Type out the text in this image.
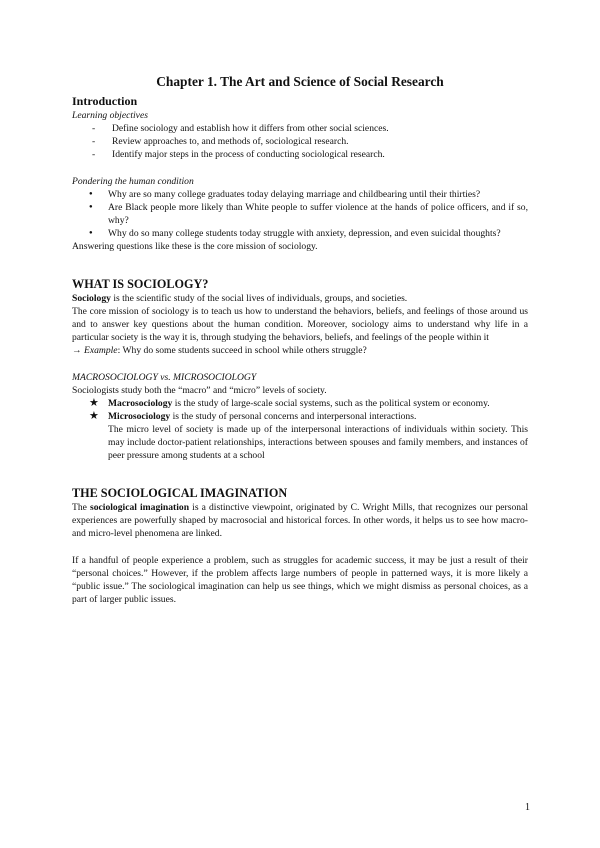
Chapter 1. The Art and Science of Social Research
Introduction
Learning objectives
- Define sociology and establish how it differs from other social sciences.
- Review approaches to, and methods of, sociological research.
- Identify major steps in the process of conducting sociological research.
Pondering the human condition
● Why are so many college graduates today delaying marriage and childbearing until their thirties?
● Are Black people more likely than White people to suffer violence at the hands of police officers, and if so, why?
● Why do so many college students today struggle with anxiety, depression, and even suicidal thoughts?

Answering questions like these is the core mission of sociology.

WHAT IS SOCIOLOGY?

Sociology is the scientific study of the social lives of individuals, groups, and societies.

The core mission of sociology is to teach us how to understand the behaviors, beliefs, and feelings of those around us and to answer key questions about the human condition. Moreover, sociology aims to understand why life in a particular society is the way it is, through studying the behaviors, beliefs, and feelings of the people within it

→ Example: Why do some students succeed in school while others struggle?

MACROSOCIOLOGY vs. MICROSOCIOLOGY

Sociologists study both the “macro” and “micro” levels of society.

★ Macrosociology is the study of large-scale social systems, such as the political system or economy.
★ Microsociology is the study of personal concerns and interpersonal interactions.
The micro level of society is made up of the interpersonal interactions of individuals within society. This may include doctor-patient relationships, interactions between spouses and family members, and instances of peer pressure among students at a school
THE SOCIOLOGICAL IMAGINATION

The sociological imagination is a distinctive viewpoint, originated by C. Wright Mills, that recognizes our personal experiences are powerfully shaped by macrosocial and historical forces. In other words, it helps us to see how macro- and micro-level phenomena are linked.

If a handful of people experience a problem, such as struggles for academic success, it may be just a result of their “personal choices.” However, if the problem affects large numbers of people in patterned ways, it is more likely a “public issue.” The sociological imagination can help us see things, which we might dismiss as personal choices, as a part of larger public issues.

1
